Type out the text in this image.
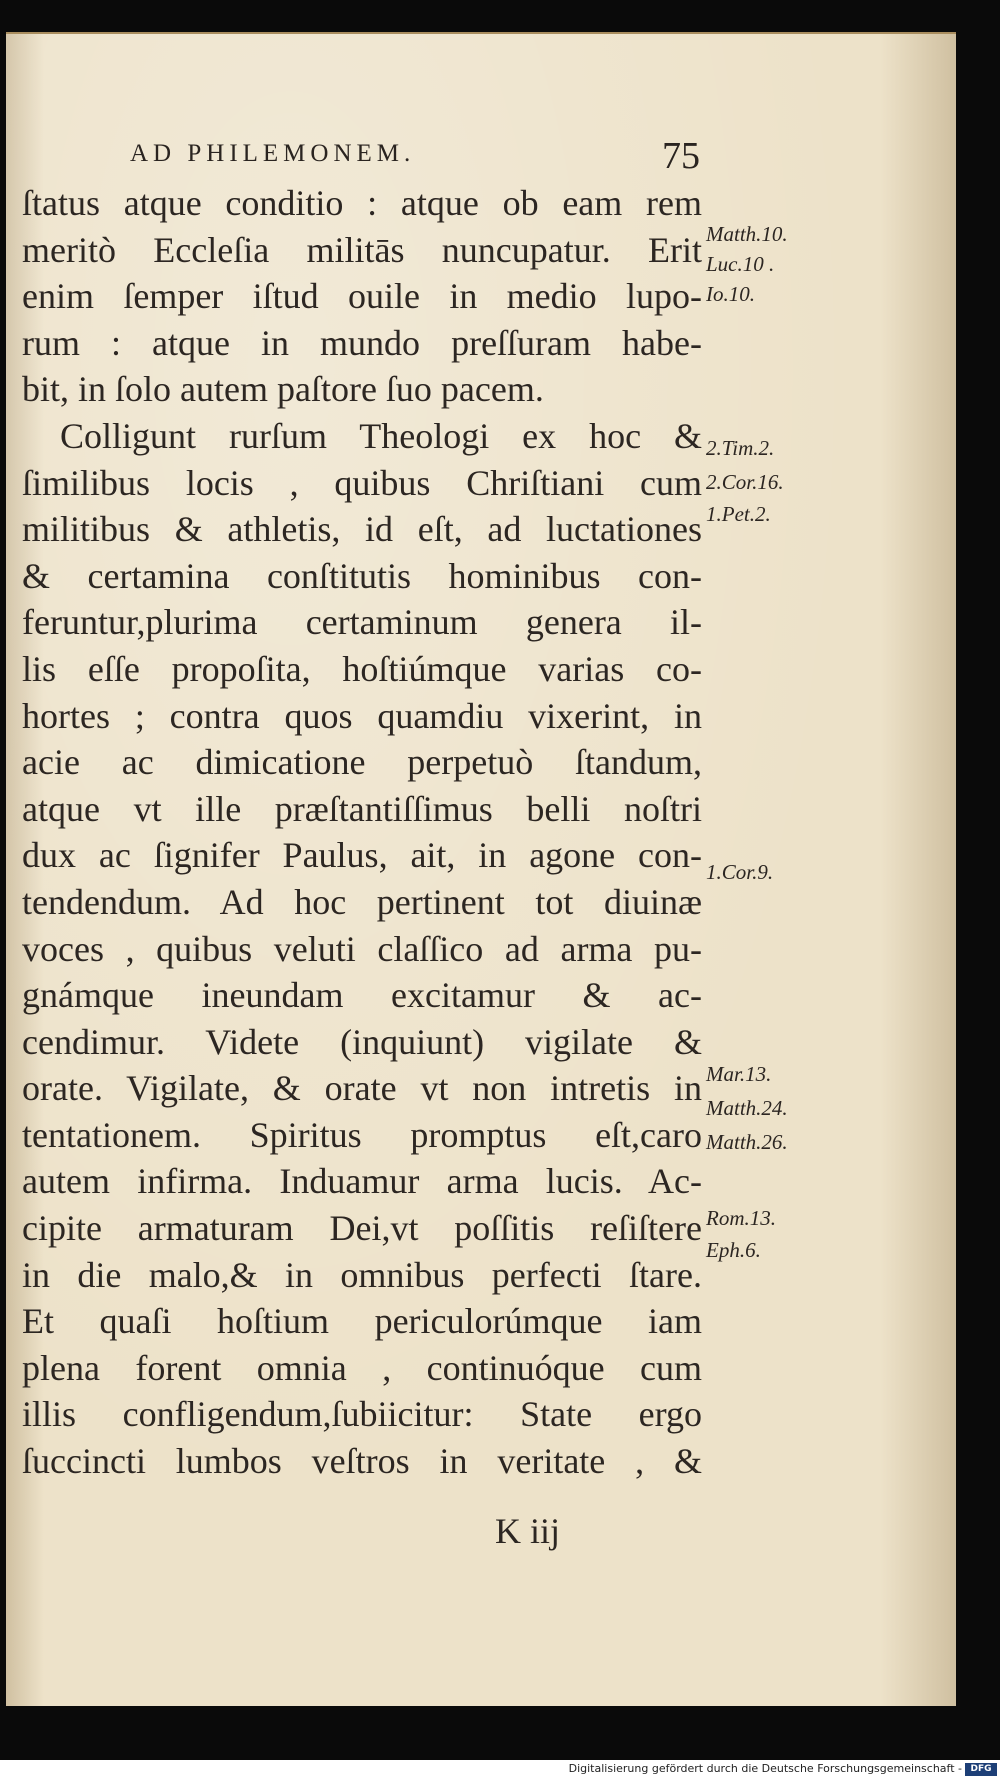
AD PHILEMONEM.	75
ſtatus atque conditio : atque ob eam rem
meritò Eccleſia militās nuncupatur. Erit
enim ſemper iſtud ouile in medio lupo-
rum : atque in mundo preſſuram habe-
bit, in ſolo autem paſtore ſuo pacem.
Colligunt rurſum Theologi ex hoc &
ſimilibus locis , quibus Chriſtiani cum
militibus & athletis, id eſt, ad luctationes
& certamina conſtitutis hominibus con-
feruntur,plurima certaminum genera il-
lis eſſe propoſita, hoſtiúmque varias co-
hortes ; contra quos quamdiu vixerint, in
acie ac dimicatione perpetuò ſtandum,
atque vt ille præſtantiſſimus belli noſtri
dux ac ſignifer Paulus, ait, in agone con-
tendendum. Ad hoc pertinent tot diuinæ
voces , quibus veluti claſſico ad arma pu-
gnámque ineundam excitamur & ac-
cendimur. Videte (inquiunt) vigilate &
orate. Vigilate, & orate vt non intretis in
tentationem. Spiritus promptus eſt,caro
autem infirma. Induamur arma lucis. Ac-
cipite armaturam Dei,vt poſſitis reſiſtere
in die malo,& in omnibus perfecti ſtare.
Et quaſi hoſtium periculorúmque iam
plena forent omnia , continuóque cum
illis confligendum,ſubiicitur: State ergo
ſuccincti lumbos veſtros in veritate , &
Matth.10.
Luc.10 .
Io.10.
2.Tim.2.
2.Cor.16.
1.Pet.2.
1.Cor.9.
Mar.13.
Matth.24.
Matth.26.
Rom.13.
Eph.6.
K iij
Digitalisierung gefördert durch die Deutsche Forschungsgemeinschaft - DFG
